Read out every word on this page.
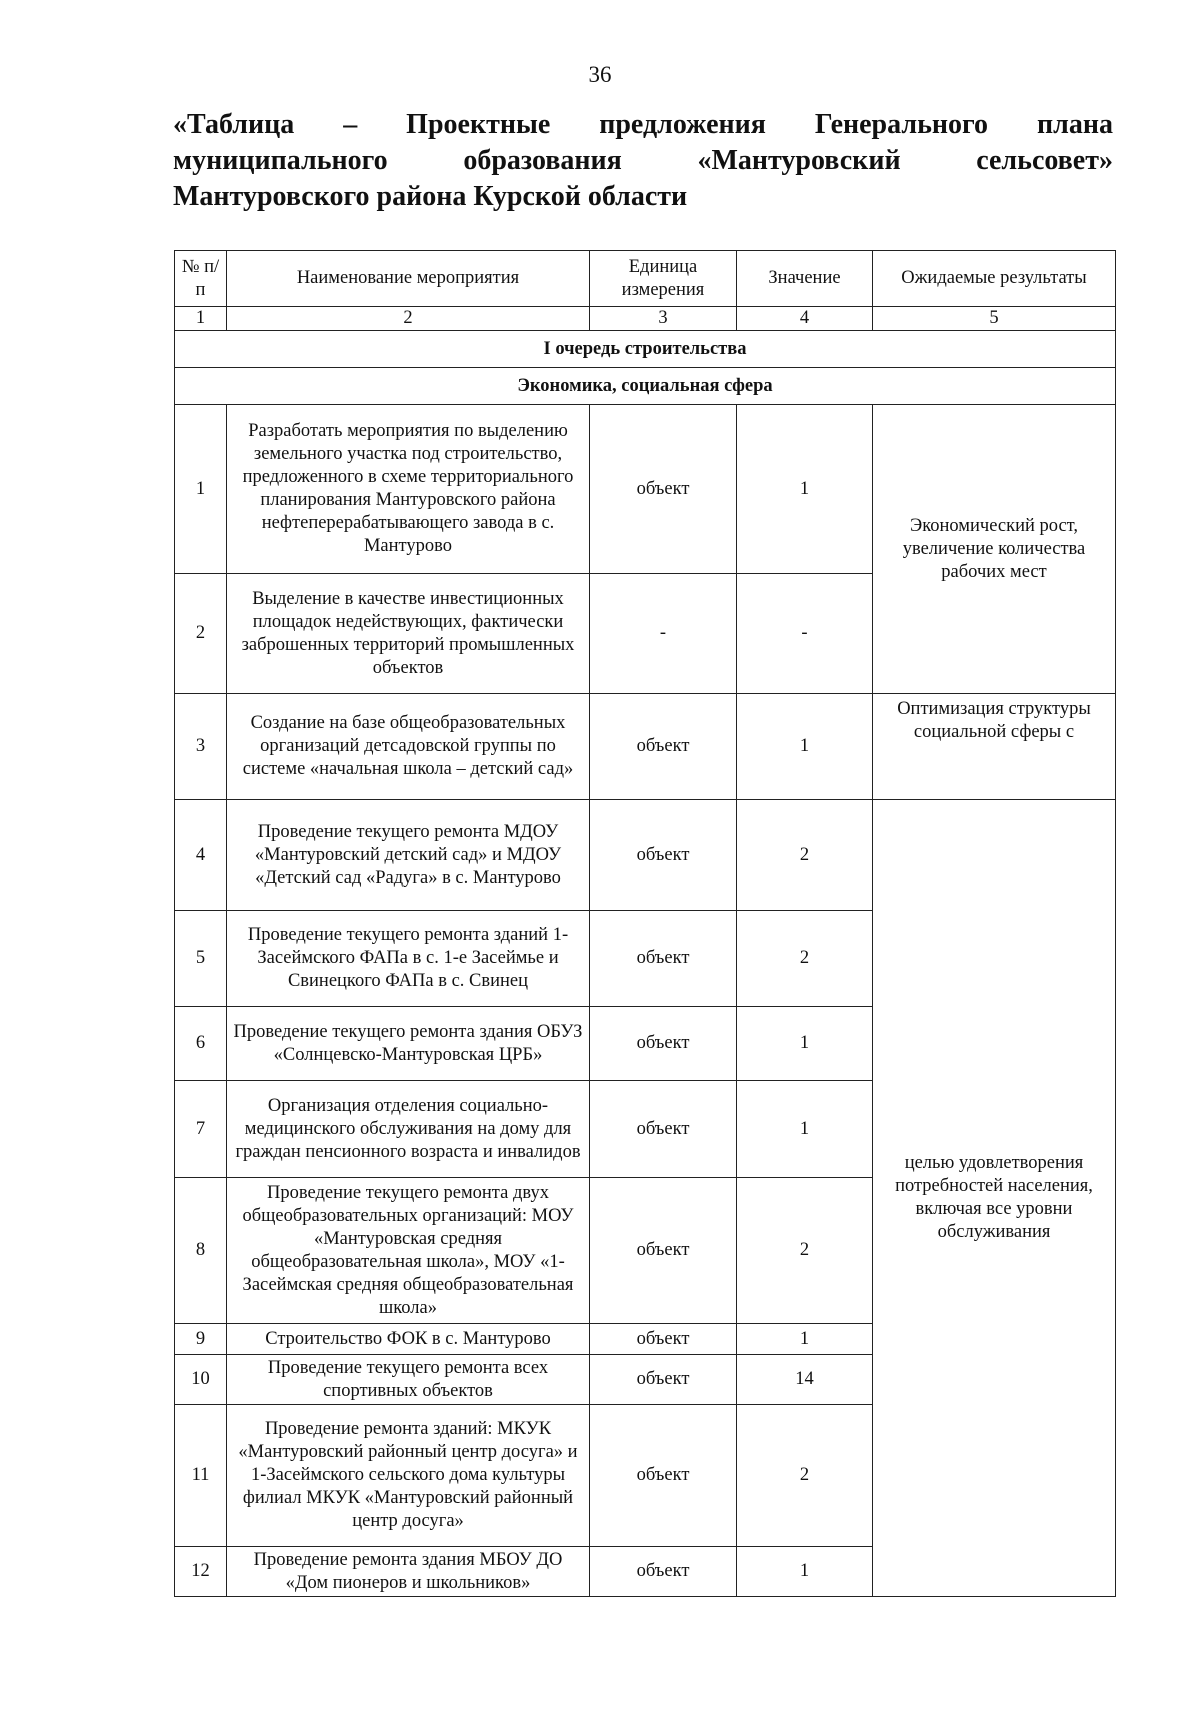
36
«Таблица – Проектные предложения Генерального плана
муниципального	образования	«Мантуровский	сельсовет»
Мантуровского района Курской области
№ п/п	Наименование мероприятия	Единица измерения	Значение	Ожидаемые результаты
1	2	3	4	5
I очередь строительства				
Экономика, социальная сфера				
1	Разработать мероприятия по выделению земельного участка под строительство, предложенного в схеме территориального планирования Мантуровского района нефтеперерабатывающего завода в с. Мантурово	объект	1	Экономический рост, увеличение количества рабочих мест
2	Выделение в качестве инвестиционных площадок недействующих, фактически заброшенных территорий промышленных объектов	-	-	
3	Создание на базе общеобразовательных организаций детсадовской группы по системе «начальная школа – детский сад»	объект	1	Оптимизация структуры социальной сферы с
4	Проведение текущего ремонта МДОУ «Мантуровский детский сад» и МДОУ «Детский сад «Радуга» в с. Мантурово	объект	2	целью удовлетворения потребностей населения, включая все уровни обслуживания
5	Проведение текущего ремонта зданий 1-Засеймского ФАПа в с. 1-е Засеймье и Свинецкого ФАПа в с. Свинец	объект	2	
6	Проведение текущего ремонта здания ОБУЗ «Солнцевско-Мантуровская ЦРБ»	объект	1	
7	Организация отделения социально-медицинского обслуживания на дому для граждан пенсионного возраста и инвалидов	объект	1	
8	Проведение текущего ремонта двух общеобразовательных организаций: МОУ «Мантуровская средняя общеобразовательная школа», МОУ «1-Засеймская средняя общеобразовательная школа»	объект	2	
9	Строительство ФОК в с. Мантурово	объект	1	
10	Проведение текущего ремонта всех спортивных объектов	объект	14	
11	Проведение ремонта зданий: МКУК «Мантуровский районный центр досуга» и 1-Засеймского сельского дома культуры филиал МКУК «Мантуровский районный центр досуга»	объект	2	
12	Проведение ремонта здания МБОУ ДО «Дом пионеров и школьников»	объект	1	
